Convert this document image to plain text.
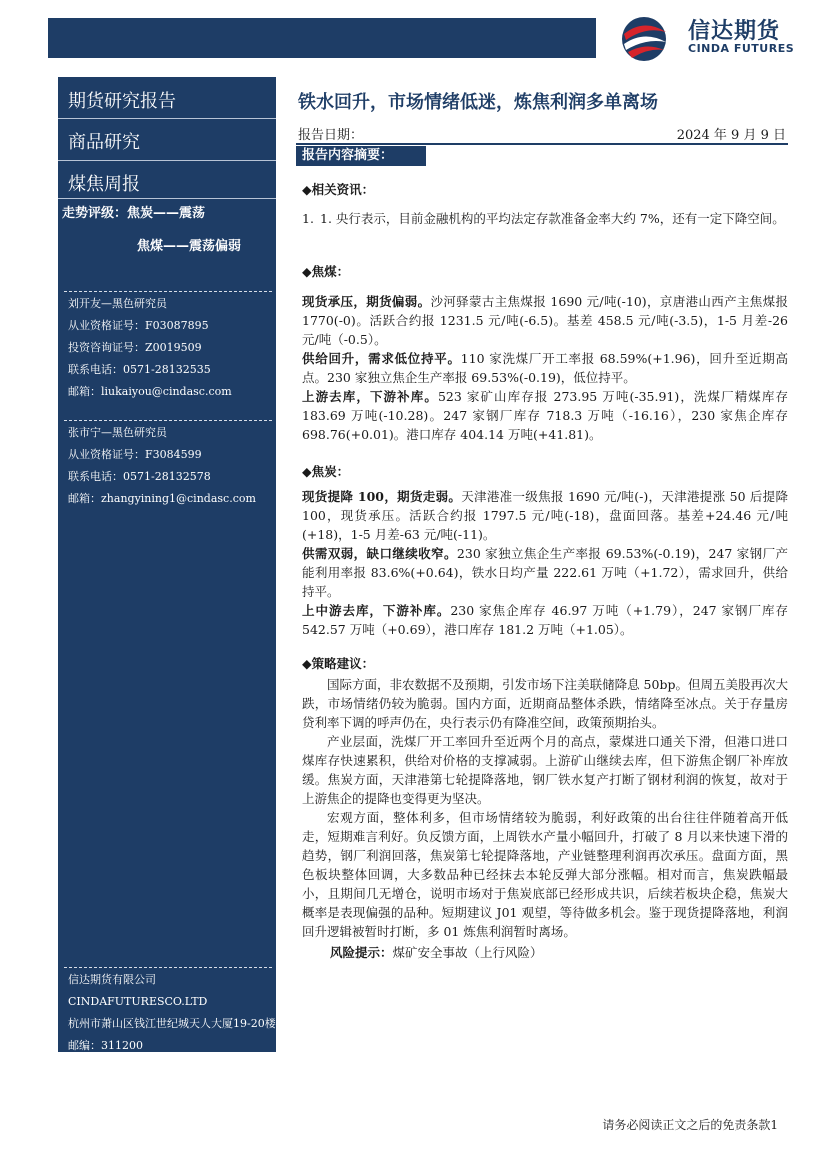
信达期货
CINDA FUTURES
期货研究报告
商品研究
煤焦周报
走势评级：焦炭——震荡
焦煤——震荡偏弱
刘开友—黑色研究员
从业资格证号：F03087895
投资咨询证号：Z0019509
联系电话：0571-28132535
邮箱：liukaiyou@cindasc.com
张市宁—黑色研究员
从业资格证号：F3084599
联系电话：0571-28132578
邮箱：zhangyining1@cindasc.com
信达期货有限公司
CINDAFUTURESCO.LTD
杭州市萧山区钱江世纪城天人大厦19-20楼
邮编：311200
铁水回升，市场情绪低迷，炼焦利润多单离场
报告日期：	2024 年 9 月 9 日
报告内容摘要：
◆相关资讯：
1. 1. 央行表示，目前金融机构的平均法定存款准备金率大约 7%，还有一定下降空间。
◆焦煤：
现货承压，期货偏弱。沙河驿蒙古主焦煤报 1690 元/吨(-10)，京唐港山西产主焦煤报 1770(-0)。活跃合约报 1231.5 元/吨(-6.5)。基差 458.5 元/吨(-3.5)，1-5 月差-26 元/吨（-0.5）。
供给回升，需求低位持平。110 家洗煤厂开工率报 68.59%(+1.96)，回升至近期高点。230 家独立焦企生产率报 69.53%(-0.19)，低位持平。
上游去库，下游补库。523 家矿山库存报 273.95 万吨(-35.91)，洗煤厂精煤库存 183.69 万吨(-10.28)。247 家钢厂库存 718.3 万吨（-16.16），230 家焦企库存 698.76(+0.01)。港口库存 404.14 万吨(+41.81)。
◆焦炭：
现货提降 100，期货走弱。天津港准一级焦报 1690 元/吨(-)，天津港提涨 50 后提降 100，现货承压。活跃合约报 1797.5 元/吨(-18)，盘面回落。基差+24.46 元/吨(+18)，1-5 月差-63 元/吨(-11)。
供需双弱，缺口继续收窄。230 家独立焦企生产率报 69.53%(-0.19)，247 家钢厂产能利用率报 83.6%(+0.64)，铁水日均产量 222.61 万吨（+1.72），需求回升，供给持平。
上中游去库，下游补库。230 家焦企库存 46.97 万吨（+1.79），247 家钢厂库存 542.57 万吨（+0.69），港口库存 181.2 万吨（+1.05）。
◆策略建议：
国际方面，非农数据不及预期，引发市场下注美联储降息 50bp。但周五美股再次大跌，市场情绪仍较为脆弱。国内方面，近期商品整体杀跌，情绪降至冰点。关于存量房贷利率下调的呼声仍在，央行表示仍有降准空间，政策预期抬头。
产业层面，洗煤厂开工率回升至近两个月的高点，蒙煤进口通关下滑，但港口进口煤库存快速累积，供给对价格的支撑减弱。上游矿山继续去库，但下游焦企钢厂补库放缓。焦炭方面，天津港第七轮提降落地，钢厂铁水复产打断了钢材利润的恢复，故对于上游焦企的提降也变得更为坚决。
宏观方面，整体利多，但市场情绪较为脆弱，利好政策的出台往往伴随着高开低走，短期难言利好。负反馈方面，上周铁水产量小幅回升，打破了 8 月以来快速下滑的趋势，钢厂利润回落，焦炭第七轮提降落地，产业链整理利润再次承压。盘面方面，黑色板块整体回调，大多数品种已经抹去本轮反弹大部分涨幅。相对而言，焦炭跌幅最小，且期间几无增仓，说明市场对于焦炭底部已经形成共识，后续若板块企稳，焦炭大概率是表现偏强的品种。短期建议 J01 观望，等待做多机会。鉴于现货提降落地，利润回升逻辑被暂时打断，多 01 炼焦利润暂时离场。
风险提示：煤矿安全事故（上行风险）
请务必阅读正文之后的免责条款1
